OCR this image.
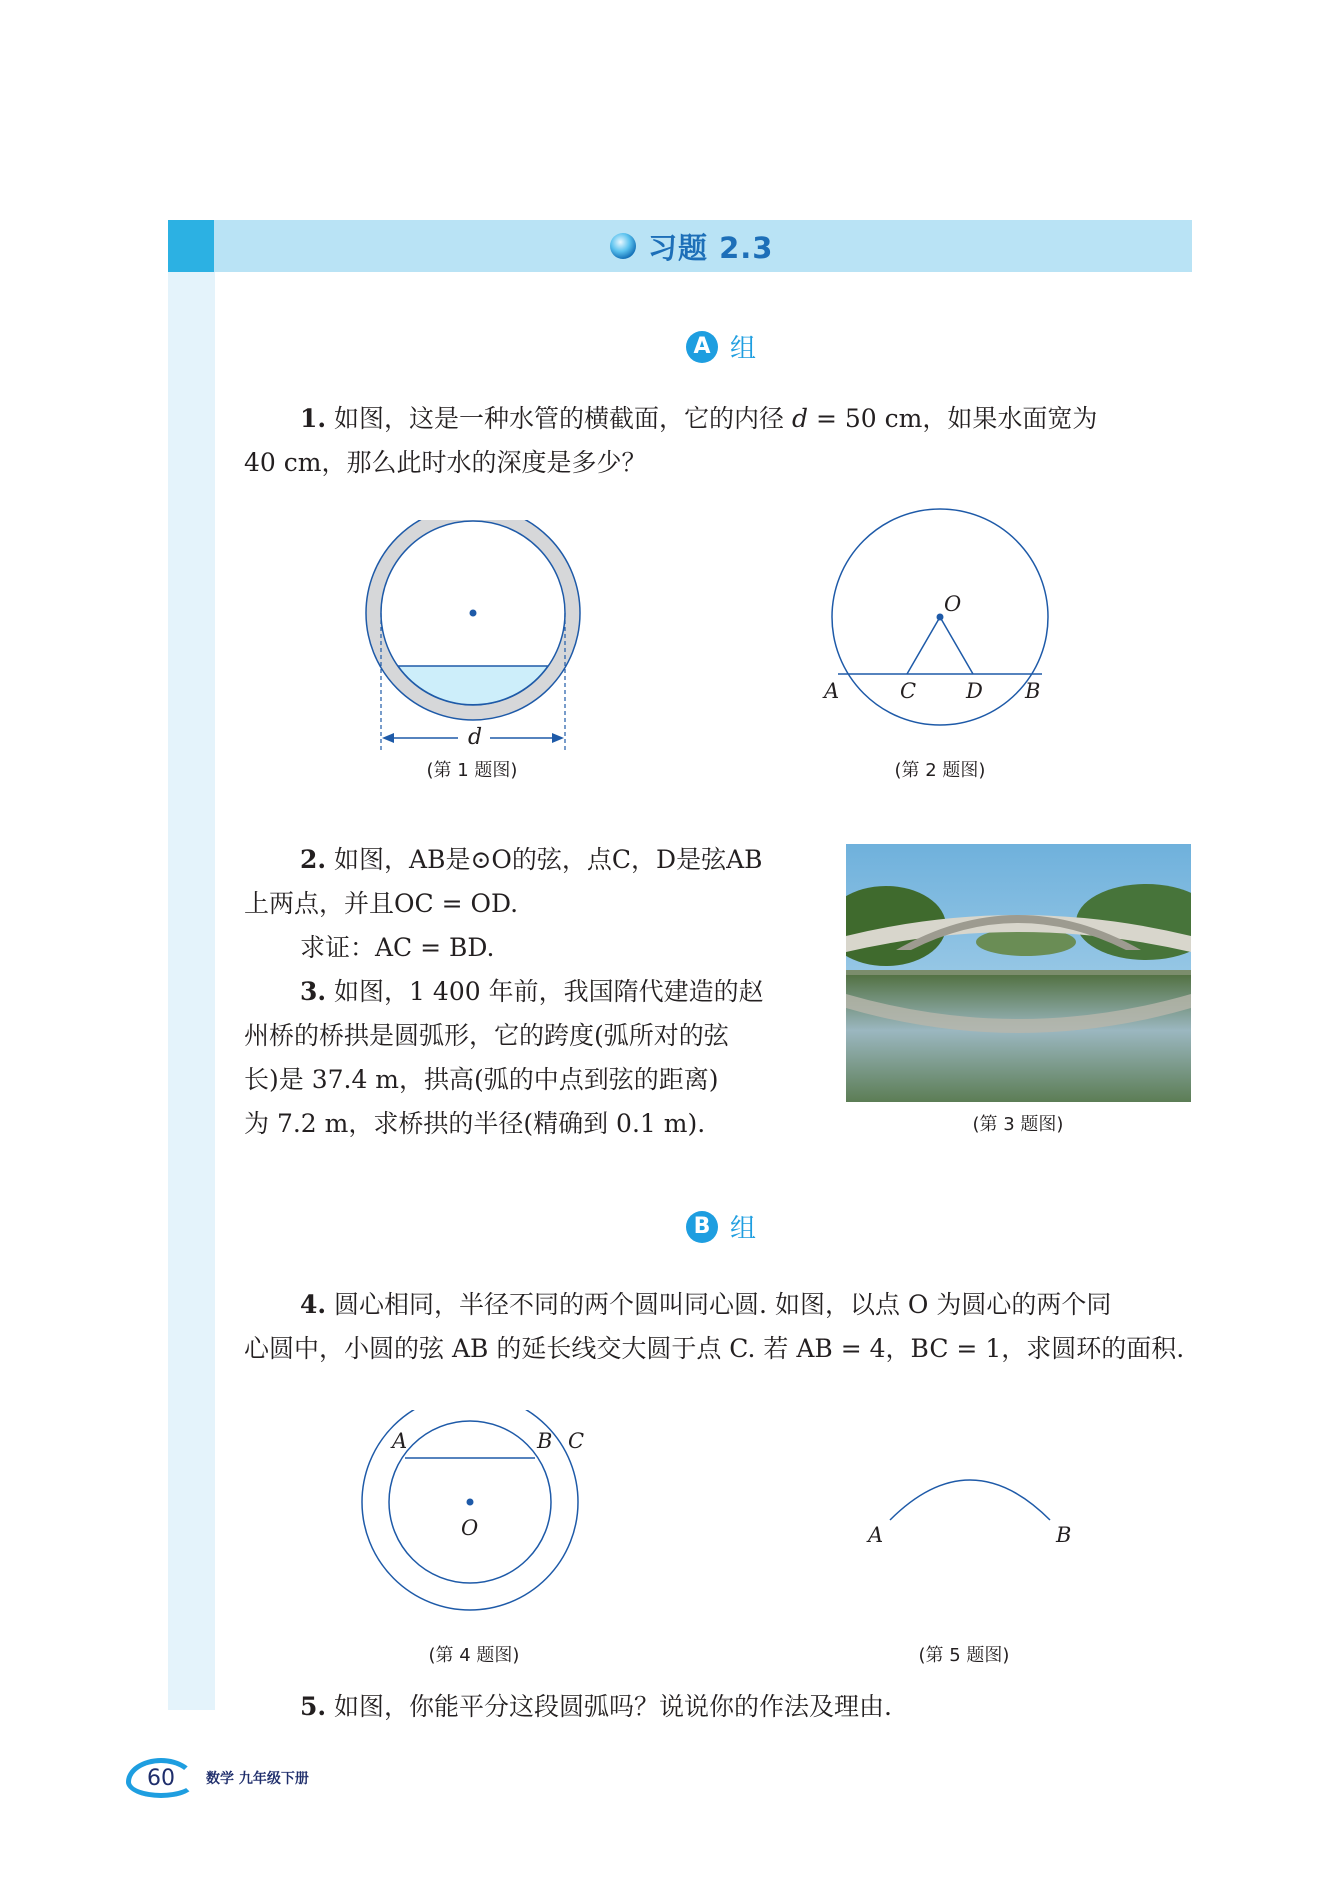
习题 2.3
A 组
1. 如图，这是一种水管的横截面，它的内径 d = 50 cm，如果水面宽为
40 cm，那么此时水的深度是多少？
d
(第 1 题图)
O
A	C D B
(第 2 题图)
2. 如图，AB是⊙O的弦，点C，D是弦AB
上两点，并且OC = OD.
求证：AC = BD.
3. 如图，1 400 年前，我国隋代建造的赵
州桥的桥拱是圆弧形，它的跨度(弧所对的弦
长)是 37.4 m，拱高(弧的中点到弦的距离)
为 7.2 m，求桥拱的半径(精确到 0.1 m).	(第 3 题图)
B 组
4. 圆心相同，半径不同的两个圆叫同心圆. 如图，以点 O 为圆心的两个同
心圆中，小圆的弦 AB 的延长线交大圆于点 C. 若 AB = 4，BC = 1，求圆环的面积.
A	B C
O
(第 4 题图)
A	B
(第 5 题图)
5. 如图，你能平分这段圆弧吗？说说你的作法及理由.
60	数学 九年级下册
